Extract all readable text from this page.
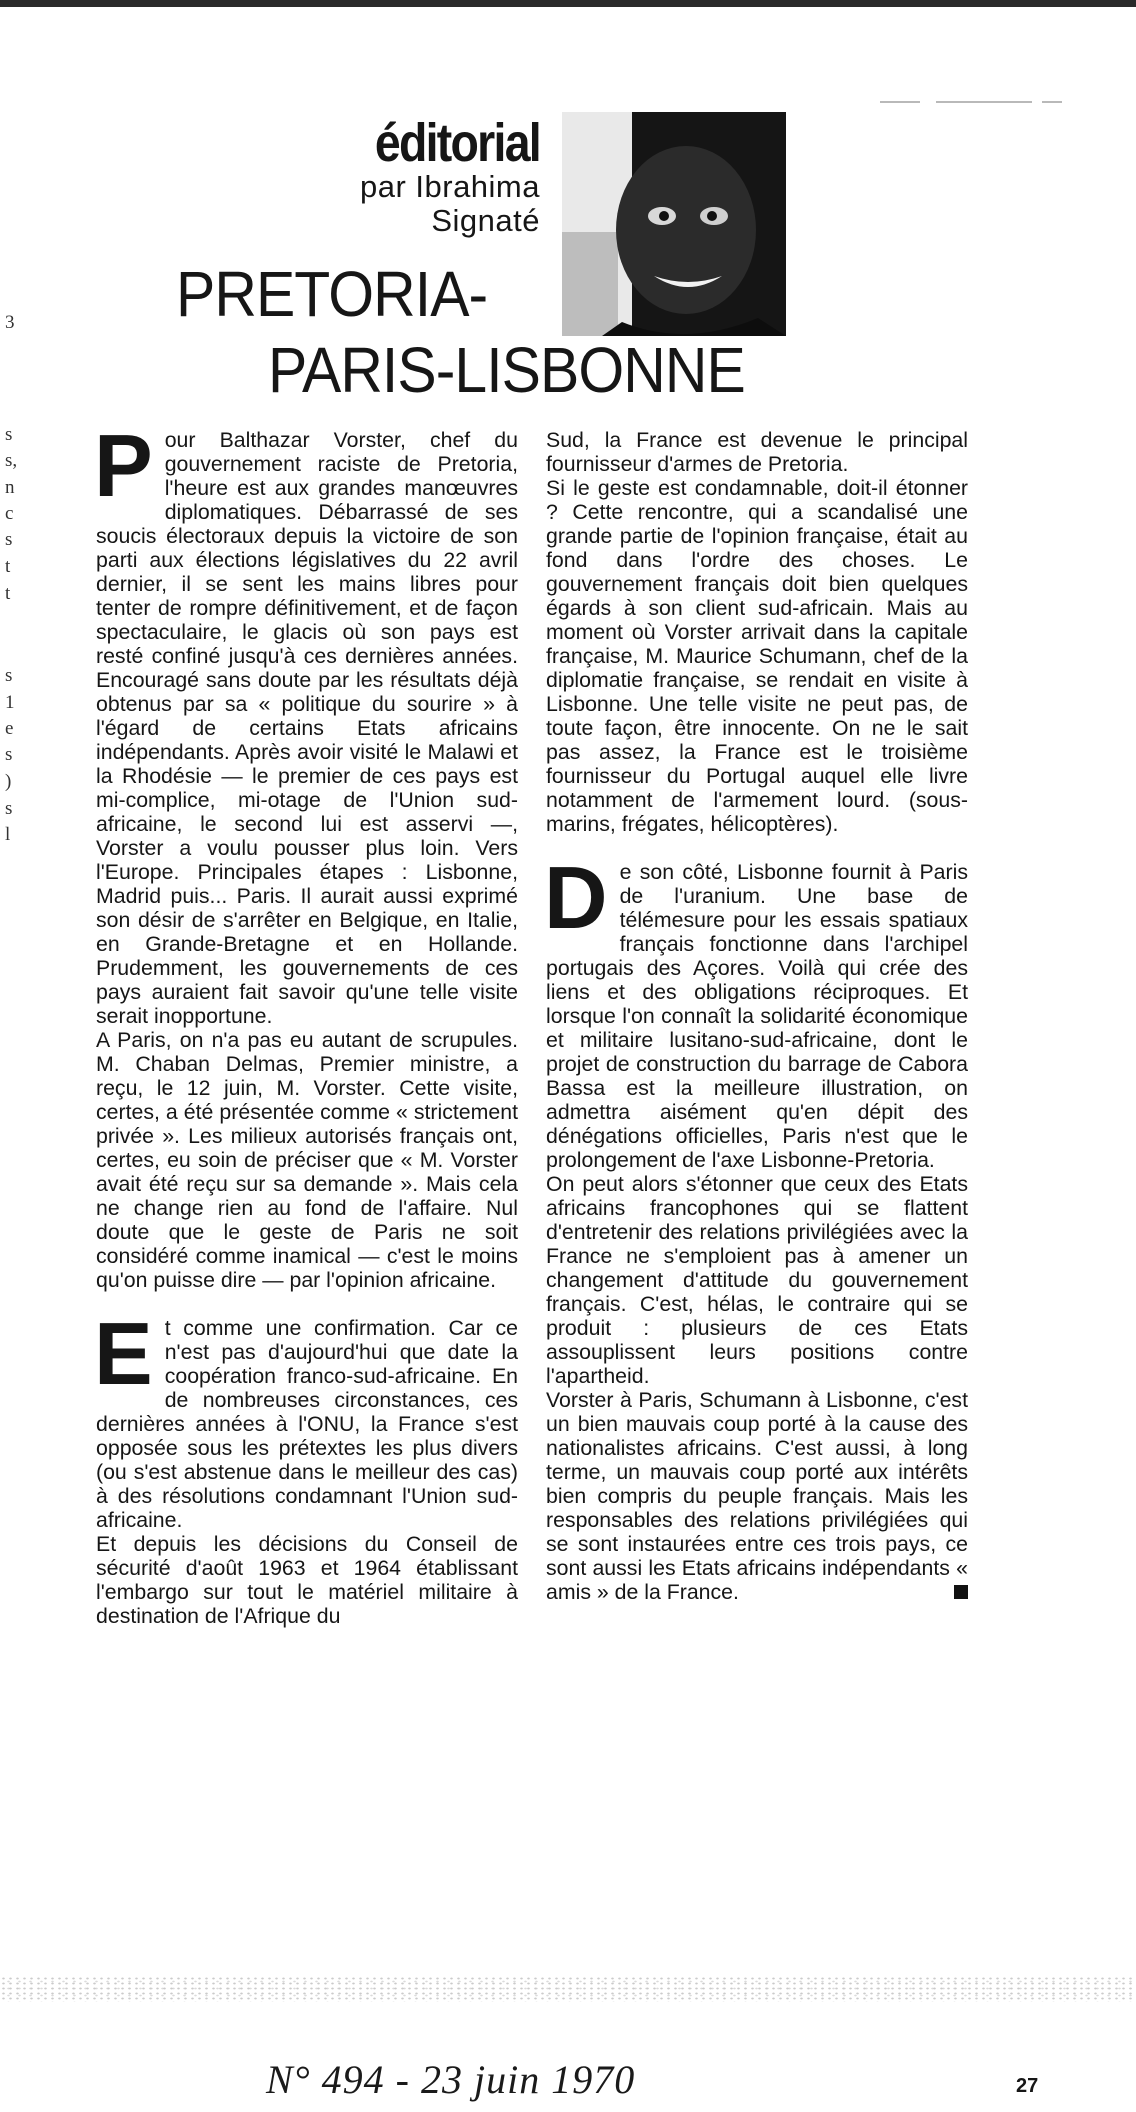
3
s
s,
n
c
s
t
t
s
1
e
s
)
s
l
éditorial
par Ibrahima
Signaté
PRETORIA-
PARIS-LISBONNE

Pour Balthazar Vorster, chef du gouvernement raciste de Pretoria, l'heure est aux grandes manœuvres diplomatiques. Débarrassé de ses soucis électoraux depuis la victoire de son parti aux élections législatives du 22 avril dernier, il se sent les mains libres pour tenter de rompre définitivement, et de façon spectaculaire, le glacis où son pays est resté confiné jusqu'à ces dernières années. Encouragé sans doute par les résultats déjà obtenus par sa « politique du sourire » à l'égard de certains Etats africains indépendants. Après avoir visité le Malawi et la Rhodésie — le premier de ces pays est mi-complice, mi-otage de l'Union sud-africaine, le second lui est asservi —, Vorster a voulu pousser plus loin. Vers l'Europe. Principales étapes : Lisbonne, Madrid puis... Paris. Il aurait aussi exprimé son désir de s'arrêter en Belgique, en Italie, en Grande-Bretagne et en Hollande. Prudemment, les gouvernements de ces pays auraient fait savoir qu'une telle visite serait inopportune.

A Paris, on n'a pas eu autant de scrupules. M. Chaban Delmas, Premier ministre, a reçu, le 12 juin, M. Vorster. Cette visite, certes, a été présentée comme « strictement privée ». Les milieux autorisés français ont, certes, eu soin de préciser que « M. Vorster avait été reçu sur sa demande ». Mais cela ne change rien au fond de l'affaire. Nul doute que le geste de Paris ne soit considéré comme inamical — c'est le moins qu'on puisse dire — par l'opinion africaine.

Et comme une confirmation. Car ce n'est pas d'aujourd'hui que date la coopération franco-sud-africaine. En de nombreuses circonstances, ces dernières années à l'ONU, la France s'est opposée sous les prétextes les plus divers (ou s'est abstenue dans le meilleur des cas) à des résolutions condamnant l'Union sud-africaine.

Et depuis les décisions du Conseil de sécurité d'août 1963 et 1964 établissant l'embargo sur tout le matériel militaire à destination de l'Afrique du

Sud, la France est devenue le principal fournisseur d'armes de Pretoria.

Si le geste est condamnable, doit-il étonner ? Cette rencontre, qui a scandalisé une grande partie de l'opinion française, était au fond dans l'ordre des choses. Le gouvernement français doit bien quelques égards à son client sud-africain. Mais au moment où Vorster arrivait dans la capitale française, M. Maurice Schumann, chef de la diplomatie française, se rendait en visite à Lisbonne. Une telle visite ne peut pas, de toute façon, être innocente. On ne le sait pas assez, la France est le troisième fournisseur du Portugal auquel elle livre notamment de l'armement lourd. (sous-marins, frégates, hélicoptères).

De son côté, Lisbonne fournit à Paris de l'uranium. Une base de télémesure pour les essais spatiaux français fonctionne dans l'archipel portugais des Açores. Voilà qui crée des liens et des obligations réciproques. Et lorsque l'on connaît la solidarité économique et militaire lusitano-sud-africaine, dont le projet de construction du barrage de Cabora Bassa est la meilleure illustration, on admettra aisément qu'en dépit des dénégations officielles, Paris n'est que le prolongement de l'axe Lisbonne-Pretoria.

On peut alors s'étonner que ceux des Etats africains francophones qui se flattent d'entretenir des relations privilégiées avec la France ne s'emploient pas à amener un changement d'attitude du gouvernement français. C'est, hélas, le contraire qui se produit : plusieurs de ces Etats assouplissent leurs positions contre l'apartheid.

Vorster à Paris, Schumann à Lisbonne, c'est un bien mauvais coup porté à la cause des nationalistes africains. C'est aussi, à long terme, un mauvais coup porté aux intérêts bien compris du peuple français. Mais les responsables des relations privilégiées qui se sont instaurées entre ces trois pays, ce sont aussi les Etats africains indépendants « amis » de la France.

N° 494 - 23 juin 1970	27
